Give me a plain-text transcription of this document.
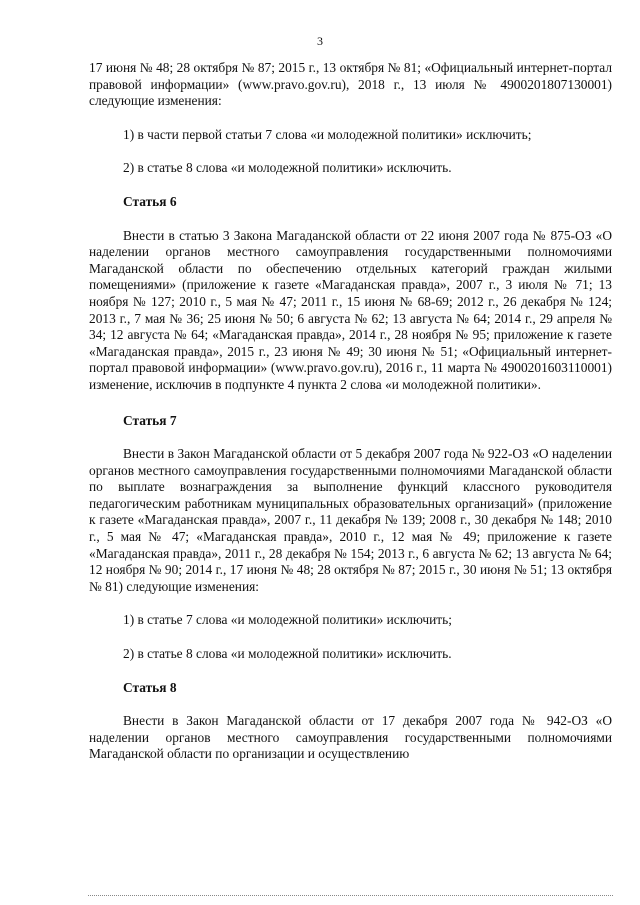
3

17 июня № 48; 28 октября № 87; 2015 г., 13 октября № 81; «Официальный интернет-портал правовой информации» (www.pravo.gov.ru), 2018 г., 13 июля № 4900201807130001) следующие изменения:

1) в части первой статьи 7 слова «и молодежной политики» исключить;

2) в статье 8 слова «и молодежной политики» исключить.

Статья 6

Внести в статью 3 Закона Магаданской области от 22 июня 2007 года № 875-ОЗ «О наделении органов местного самоуправления государственными полномочиями Магаданской области по обеспечению отдельных категорий граждан жилыми помещениями» (приложение к газете «Магаданская правда», 2007 г., 3 июля № 71; 13 ноября № 127; 2010 г., 5 мая № 47; 2011 г., 15 июня № 68-69; 2012 г., 26 декабря № 124; 2013 г., 7 мая № 36; 25 июня № 50; 6 августа № 62; 13 августа № 64; 2014 г., 29 апреля № 34; 12 августа № 64; «Магаданская правда», 2014 г., 28 ноября № 95; приложение к газете «Магаданская правда», 2015 г., 23 июня № 49; 30 июня № 51; «Официальный интернет-портал правовой информации» (www.pravo.gov.ru), 2016 г., 11 марта № 4900201603110001) изменение, исключив в подпункте 4 пункта 2 слова «и молодежной политики».

Статья 7

Внести в Закон Магаданской области от 5 декабря 2007 года № 922-ОЗ «О наделении органов местного самоуправления государственными полномочиями Магаданской области по выплате вознаграждения за выполнение функций классного руководителя педагогическим работникам муниципальных образовательных организаций» (приложение к газете «Магаданская правда», 2007 г., 11 декабря № 139; 2008 г., 30 декабря № 148; 2010 г., 5 мая № 47; «Магаданская правда», 2010 г., 12 мая № 49; приложение к газете «Магаданская правда», 2011 г., 28 декабря № 154; 2013 г., 6 августа № 62; 13 августа № 64; 12 ноября № 90; 2014 г., 17 июня № 48; 28 октября № 87; 2015 г., 30 июня № 51; 13 октября № 81) следующие изменения:

1) в статье 7 слова «и молодежной политики» исключить;

2) в статье 8 слова «и молодежной политики» исключить.

Статья 8

Внести в Закон Магаданской области от 17 декабря 2007 года № 942-ОЗ «О наделении органов местного самоуправления государственными полномочиями Магаданской области по организации и осуществлению
